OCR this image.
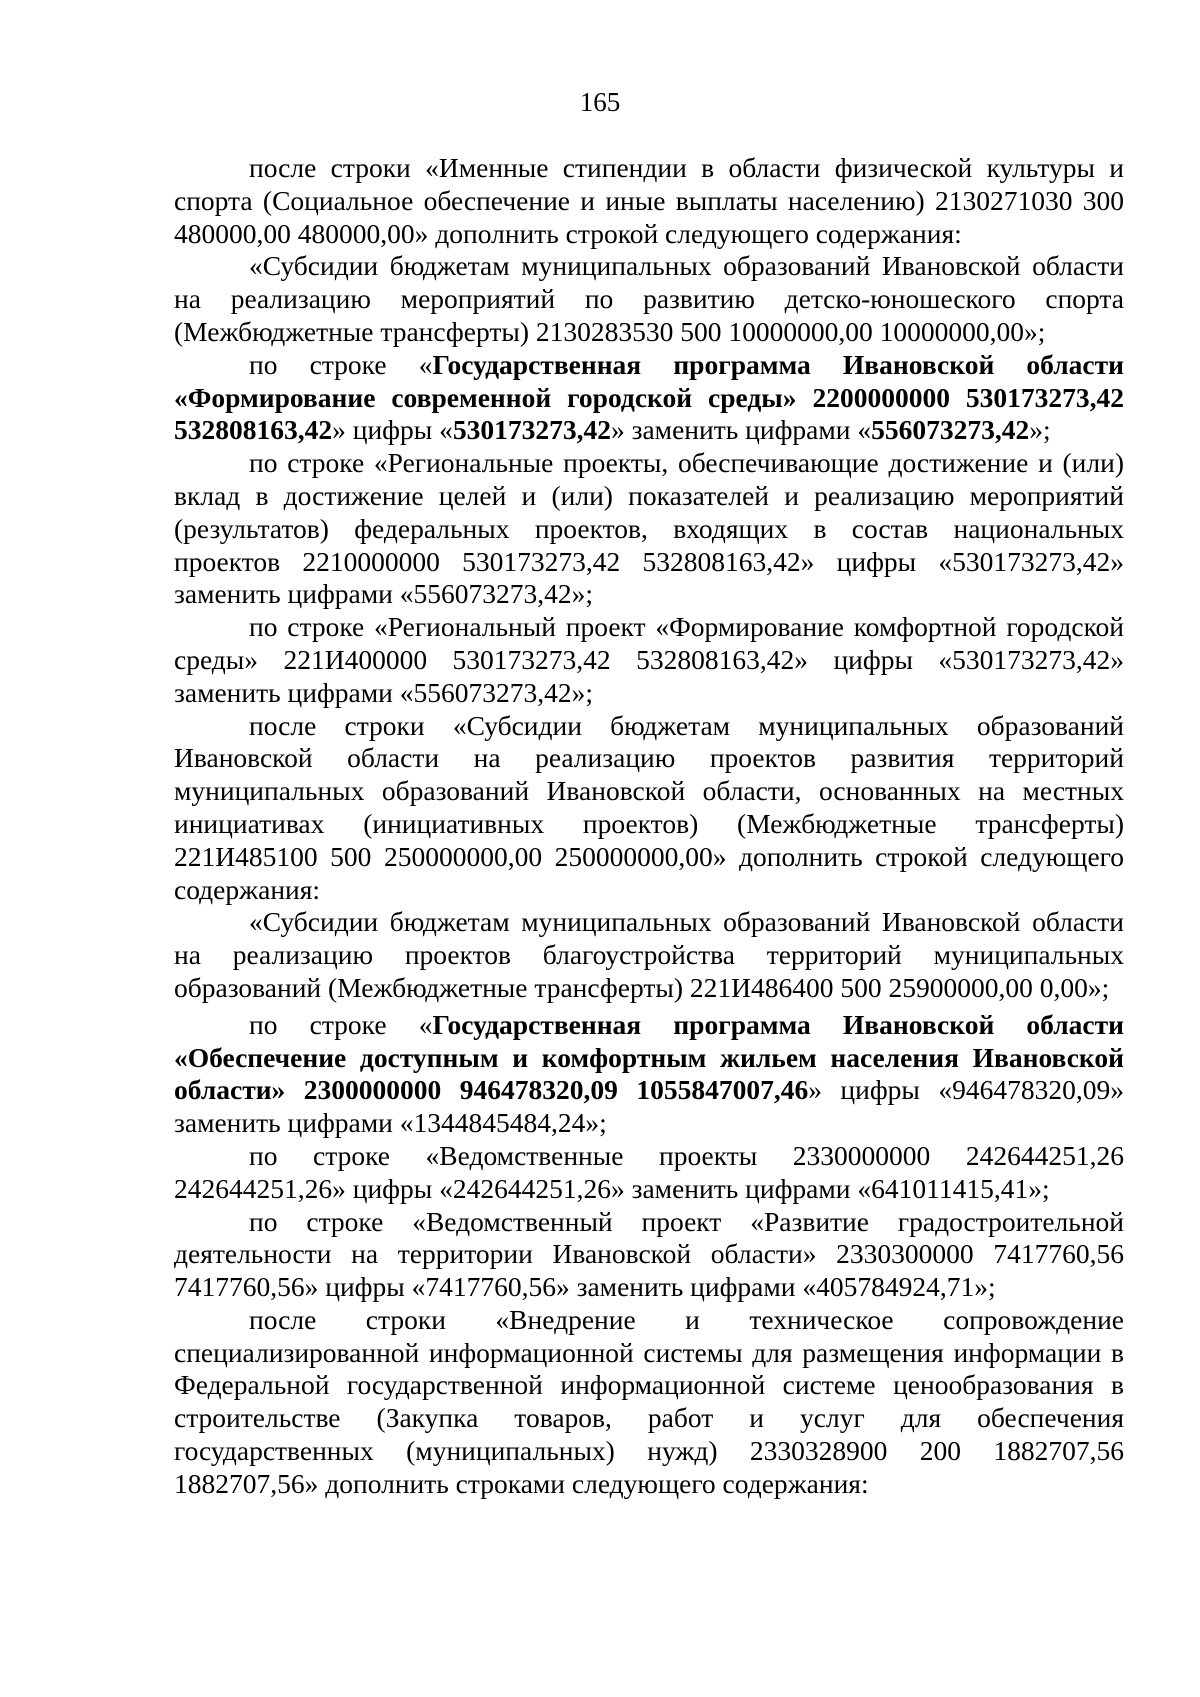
165

после строки «Именные стипендии в области физической культуры и спорта (Социальное обеспечение и иные выплаты населению) 2130271030 300 480000,00 480000,00» дополнить строкой следующего содержания:

«Субсидии бюджетам муниципальных образований Ивановской области на реализацию мероприятий по развитию детско-юношеского спорта (Межбюджетные трансферты) 2130283530 500 10000000,00 10000000,00»;

по строке «Государственная программа Ивановской области «Формирование современной городской среды» 2200000000 530173273,42 532808163,42» цифры «530173273,42» заменить цифрами «556073273,42»;

по строке «Региональные проекты, обеспечивающие достижение и (или) вклад в достижение целей и (или) показателей и реализацию мероприятий (результатов) федеральных проектов, входящих в состав национальных проектов 2210000000 530173273,42 532808163,42» цифры «530173273,42» заменить цифрами «556073273,42»;

по строке «Региональный проект «Формирование комфортной городской среды» 221И400000 530173273,42 532808163,42» цифры «530173273,42» заменить цифрами «556073273,42»;

после строки «Субсидии бюджетам муниципальных образований Ивановской области на реализацию проектов развития территорий муниципальных образований Ивановской области, основанных на местных инициативах (инициативных проектов) (Межбюджетные трансферты) 221И485100 500 250000000,00 250000000,00» дополнить строкой следующего содержания:

«Субсидии бюджетам муниципальных образований Ивановской области на реализацию проектов благоустройства территорий муниципальных образований (Межбюджетные трансферты) 221И486400 500 25900000,00 0,00»;

по строке «Государственная программа Ивановской области «Обеспечение доступным и комфортным жильем населения Ивановской области» 2300000000 946478320,09 1055847007,46» цифры «946478320,09» заменить цифрами «1344845484,24»;

по строке «Ведомственные проекты 2330000000 242644251,26 242644251,26» цифры «242644251,26» заменить цифрами «641011415,41»;

по строке «Ведомственный проект «Развитие градостроительной деятельности на территории Ивановской области» 2330300000 7417760,56 7417760,56» цифры «7417760,56» заменить цифрами «405784924,71»;

после строки «Внедрение и техническое сопровождение специализированной информационной системы для размещения информации в Федеральной государственной информационной системе ценообразования в строительстве (Закупка товаров, работ и услуг для обеспечения государственных (муниципальных) нужд) 2330328900 200 1882707,56 1882707,56» дополнить строками следующего содержания:
